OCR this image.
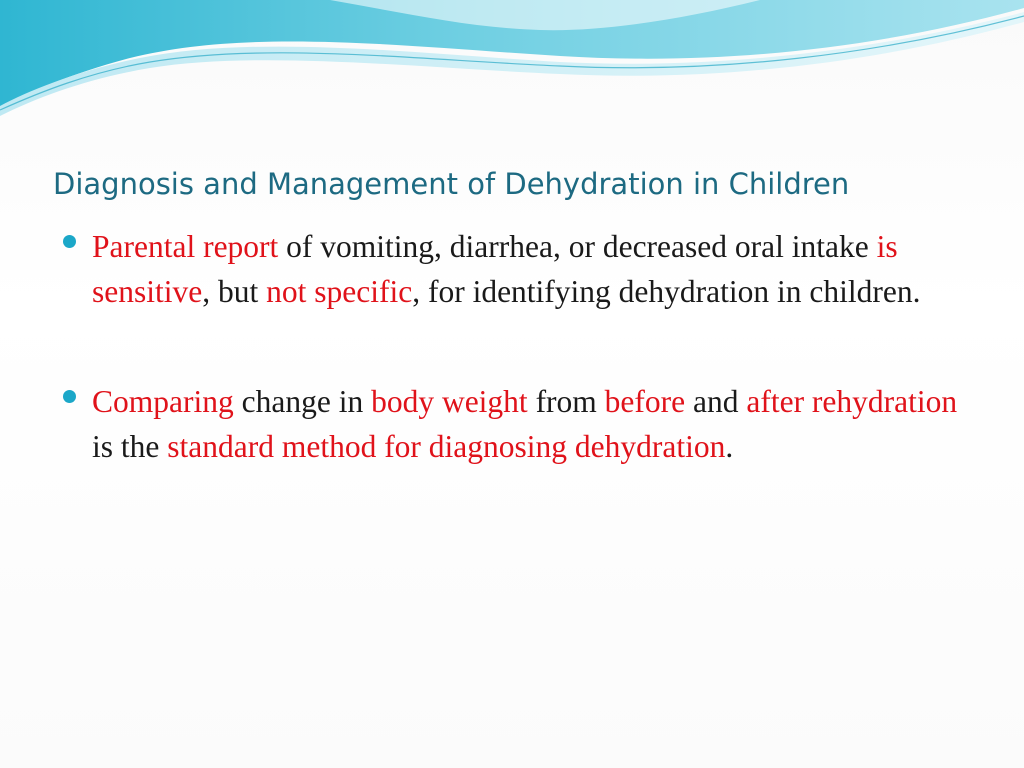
Diagnosis and Management of Dehydration in Children
Parental report of vomiting, diarrhea, or decreased oral intake is sensitive, but not specific, for identifying dehydration in children.
Comparing change in body weight from before and after rehydration is the standard method for diagnosing dehydration.
